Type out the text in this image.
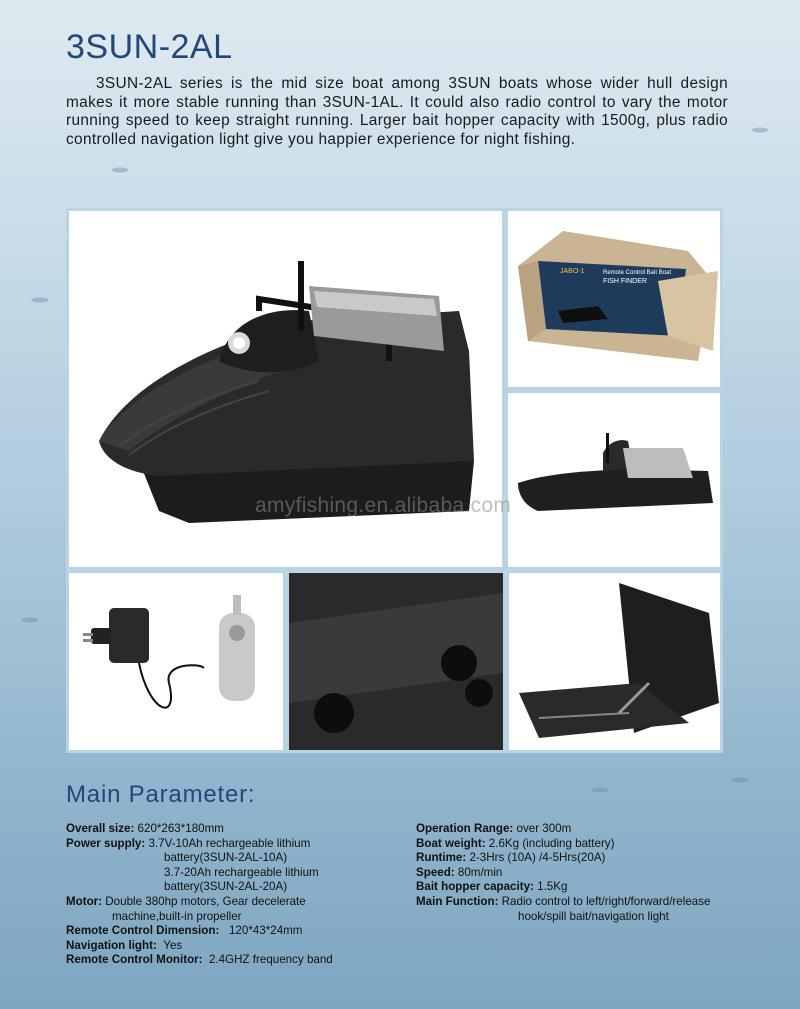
3SUN-2AL

3SUN-2AL series is the mid size boat among 3SUN boats whose wider hull design makes it more stable running than 3SUN-1AL. It could also radio control to vary the motor running speed to keep straight running. Larger bait hopper capacity with 1500g, plus radio controlled navigation light give you happier experience for night fishing.

JABO-1	Remote Control Bait Boat
FISH FINDER
amyfishing.en.alibaba.com
Main Parameter:
Overall size: 620*263*180mm
Power supply: 3.7V-10Ah rechargeable lithium
battery(3SUN-2AL-10A)
3.7-20Ah rechargeable lithium
battery(3SUN-2AL-20A)
Motor: Double 380hp motors, Gear decelerate
machine,built-in propeller
Remote Control Dimension: 120*43*24mm
Navigation light: Yes
Remote Control Monitor: 2.4GHZ frequency band
Operation Range: over 300m
Boat weight: 2.6Kg (including battery)
Runtime: 2-3Hrs (10A) /4-5Hrs(20A)
Speed: 80m/min
Bait hopper capacity: 1.5Kg
Main Function: Radio control to left/right/forward/release
hook/spill bait/navigation light
